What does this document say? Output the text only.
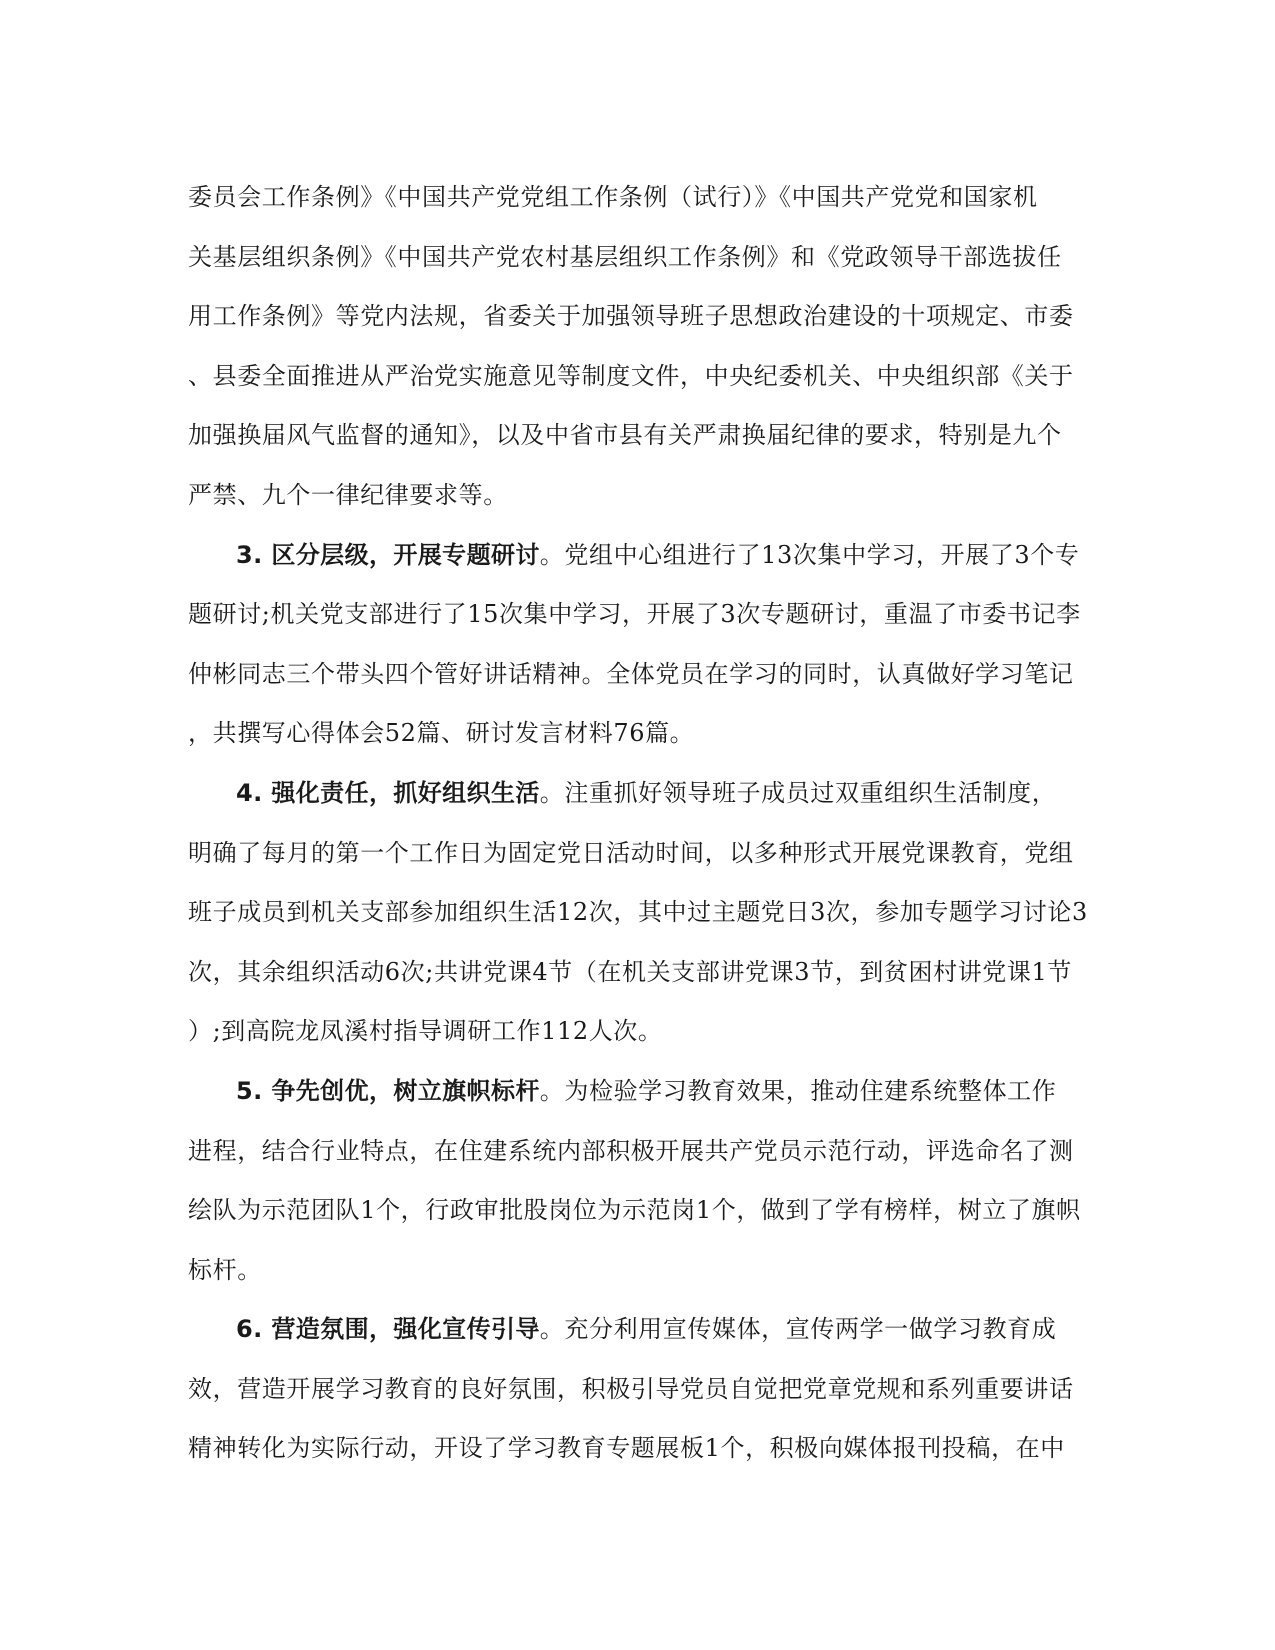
委员会工作条例》《中国共产党党组工作条例（试行）》《中国共产党党和国家机
关基层组织条例》《中国共产党农村基层组织工作条例》和《党政领导干部选拔任
用工作条例》等党内法规，省委关于加强领导班子思想政治建设的十项规定、市委
、县委全面推进从严治党实施意见等制度文件，中央纪委机关、中央组织部《关于
加强换届风气监督的通知》，以及中省市县有关严肃换届纪律的要求，特别是九个
严禁、九个一律纪律要求等。
3. 区分层级，开展专题研讨。党组中心组进行了13次集中学习，开展了3个专
题研讨;机关党支部进行了15次集中学习，开展了3次专题研讨，重温了市委书记李
仲彬同志三个带头四个管好讲话精神。全体党员在学习的同时，认真做好学习笔记
，共撰写心得体会52篇、研讨发言材料76篇。
4. 强化责任，抓好组织生活。注重抓好领导班子成员过双重组织生活制度，
明确了每月的第一个工作日为固定党日活动时间，以多种形式开展党课教育，党组
班子成员到机关支部参加组织生活12次，其中过主题党日3次，参加专题学习讨论3
次，其余组织活动6次;共讲党课4节（在机关支部讲党课3节，到贫困村讲党课1节
）;到高院龙凤溪村指导调研工作112人次。
5. 争先创优，树立旗帜标杆。为检验学习教育效果，推动住建系统整体工作
进程，结合行业特点，在住建系统内部积极开展共产党员示范行动，评选命名了测
绘队为示范团队1个，行政审批股岗位为示范岗1个，做到了学有榜样，树立了旗帜
标杆。
6. 营造氛围，强化宣传引导。充分利用宣传媒体，宣传两学一做学习教育成
效，营造开展学习教育的良好氛围，积极引导党员自觉把党章党规和系列重要讲话
精神转化为实际行动，开设了学习教育专题展板1个，积极向媒体报刊投稿，在中
